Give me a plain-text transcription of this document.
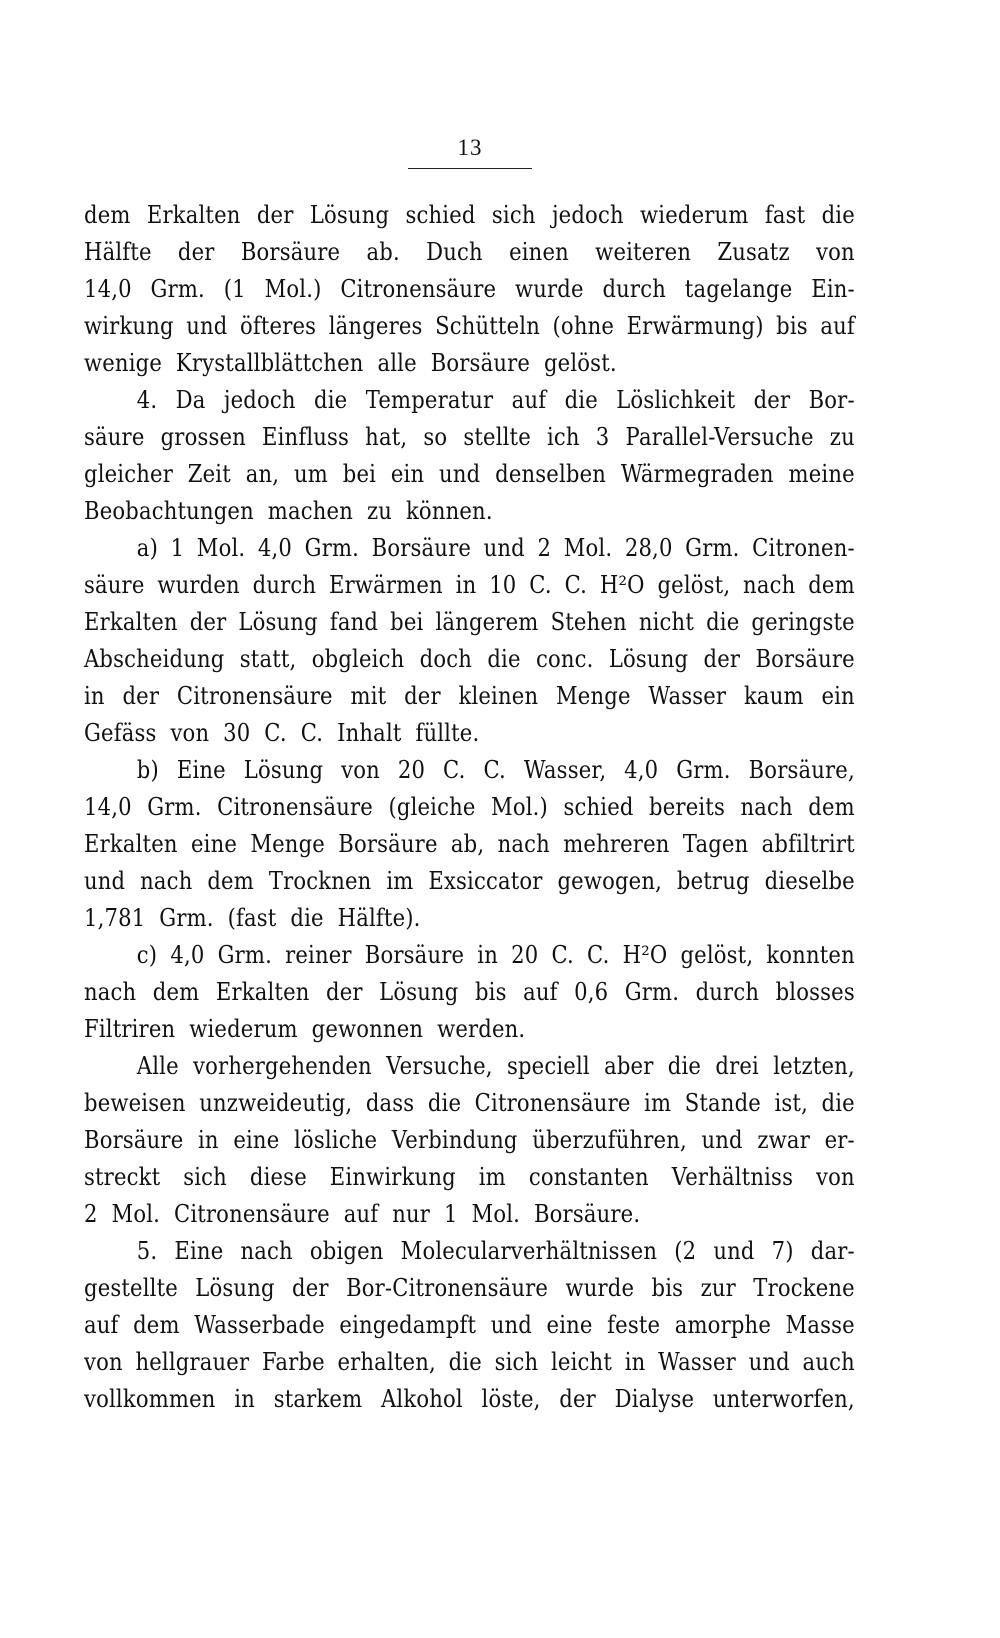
13
dem Erkalten der Lösung schied sich jedoch wiederum fast die
Hälfte der Borsäure ab. Duch einen weiteren Zusatz von
14,0 Grm. (1 Mol.) Citronensäure wurde durch tagelange Ein-
wirkung und öfteres längeres Schütteln (ohne Erwärmung) bis auf
wenige Krystallblättchen alle Borsäure gelöst.
4. Da jedoch die Temperatur auf die Löslichkeit der Bor-
säure grossen Einfluss hat, so stellte ich 3 Parallel-Versuche zu
gleicher Zeit an, um bei ein und denselben Wärmegraden meine
Beobachtungen machen zu können.
a) 1 Mol. 4,0 Grm. Borsäure und 2 Mol. 28,0 Grm. Citronen-
säure wurden durch Erwärmen in 10 C. C. H²O gelöst, nach dem
Erkalten der Lösung fand bei längerem Stehen nicht die geringste
Abscheidung statt, obgleich doch die conc. Lösung der Borsäure
in der Citronensäure mit der kleinen Menge Wasser kaum ein
Gefäss von 30 C. C. Inhalt füllte.
b) Eine Lösung von 20 C. C. Wasser, 4,0 Grm. Borsäure,
14,0 Grm. Citronensäure (gleiche Mol.) schied bereits nach dem
Erkalten eine Menge Borsäure ab, nach mehreren Tagen abfiltrirt
und nach dem Trocknen im Exsiccator gewogen, betrug dieselbe
1,781 Grm. (fast die Hälfte).
c) 4,0 Grm. reiner Borsäure in 20 C. C. H²O gelöst, konnten
nach dem Erkalten der Lösung bis auf 0,6 Grm. durch blosses
Filtriren wiederum gewonnen werden.
Alle vorhergehenden Versuche, speciell aber die drei letzten,
beweisen unzweideutig, dass die Citronensäure im Stande ist, die
Borsäure in eine lösliche Verbindung überzuführen, und zwar er-
streckt sich diese Einwirkung im constanten Verhältniss von
2 Mol. Citronensäure auf nur 1 Mol. Borsäure.
5. Eine nach obigen Molecularverhältnissen (2 und 7) dar-
gestellte Lösung der Bor-Citronensäure wurde bis zur Trockene
auf dem Wasserbade eingedampft und eine feste amorphe Masse
von hellgrauer Farbe erhalten, die sich leicht in Wasser und auch
vollkommen in starkem Alkohol löste, der Dialyse unterworfen,
